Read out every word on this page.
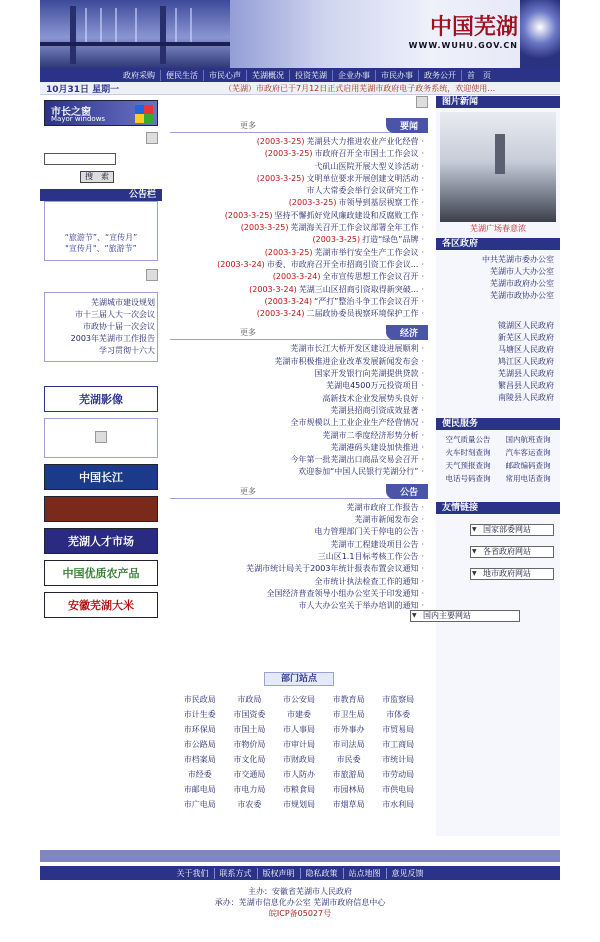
中国芜湖
WWW.WUHU.GOV.CN
政府采购	便民生活	市民心声	芜湖概况	投资芜湖	企业办事	市民办事	政务公开	首　页
10月31日 星期一	（芜湖）市政府已于7月12日正式启用芜湖市政府电子政务系统，欢迎使用…
市长之窗
Mayor windows
搜　索
公告栏
“旅游节”、“宣传月”
"宣传月"、“旅游节”
芜湖城市建设规划
市十三届人大一次会议
市政协十届一次会议
2003年芜湖市工作报告
学习贯彻十六大
芜湖影像
中国长江
芜湖人才市场
中国优质农产品
安徽芜湖大米
更多	要闻
(2003-3-25) 芜湖县大力推进农业产业化经营 ·
(2003-3-25) 市政府召开全市国土工作会议 ·
弋矶山医院开展大型义诊活动 ·
(2003-3-25) 文明单位要求开展创建文明活动 ·
市人大常委会举行会议研究工作 ·
(2003-3-25) 市领导到基层视察工作 ·
(2003-3-25) 坚持不懈抓好党风廉政建设和反腐败工作 ·
(2003-3-25) 芜湖海关召开工作会议部署全年工作 ·
(2003-3-25) 打造“绿色”品牌 ·
(2003-3-25) 芜湖市举行安全生产工作会议 ·
(2003-3-24) 市委、市政府召开全市招商引资工作会议... ·
(2003-3-24) 全市宣传思想工作会议召开 ·
(2003-3-24) 芜湖三山区招商引资取得新突破... ·
(2003-3-24) “严打”整治斗争工作会议召开 ·
(2003-3-24) 二届政协委员视察环境保护工作 ·
更多	经济
芜湖市长江大桥开发区建设进展顺利 ·
芜湖市积极推进企业改革发展新闻发布会 ·
国家开发银行向芜湖提供贷款 ·
芜湖电4500万元投资项目 ·
高新技术企业发展势头良好 ·
芜湖县招商引资成效显著 ·
全市规模以上工业企业生产经营情况 ·
芜湖市二季度经济形势分析 ·
芜湖港码头建设加快推进 ·
今年第一批芜湖出口商品交易会召开 ·
欢迎参加“中国人民银行芜湖分行” ·
更多	公告
芜湖市政府工作报告 ·
芜湖市新闻发布会 ·
电力管理部门关于停电的公告 ·
芜湖市工程建设项目公告 ·
三山区1.1目标考核工作公告 ·
芜湖市统计局关于2003年统计报表布置会议通知 ·
全市统计执法检查工作的通知 ·
全国经济普查领导小组办公室关于印发通知 ·
市人大办公室关于举办培训的通知 ·
部门站点
市民政局	市政局	市公安局	市教育局	市监察局
市计生委	市国资委	市建委	市卫生局	市体委
市环保局	市国土局	市人事局	市外事办	市贸易局
市公路局	市物价局	市审计局	市司法局	市工商局
市档案局	市文化局	市财政局	市民委	市统计局
市经委	市交通局	市人防办	市旅游局	市劳动局
市邮电局	市电力局	市粮食局	市园林局	市供电局
市广电局	市农委	市规划局	市烟草局	市水利局
图片新闻
芜湖广场春意浓
各区政府
中共芜湖市委办公室
芜湖市人大办公室
芜湖市政府办公室
芜湖市政协办公室
镜湖区人民政府
新芜区人民政府
马塘区人民政府
鸠江区人民政府
芜湖县人民政府
繁昌县人民政府
南陵县人民政府
便民服务
空气质量公告	国内航班查询
火车时刻查询	汽车客运查询
天气预报查询	邮政编码查询
电话号码查询	常用电话查询
友情链接
▼ 国家部委网站
▼ 各省政府网站
▼ 地市政府网站
▼ 国内主要网站
关于我们	联系方式	版权声明	隐私政策	站点地图	意见反馈
主办：安徽省芜湖市人民政府
承办：芜湖市信息化办公室 芜湖市政府信息中心
皖ICP备05027号
